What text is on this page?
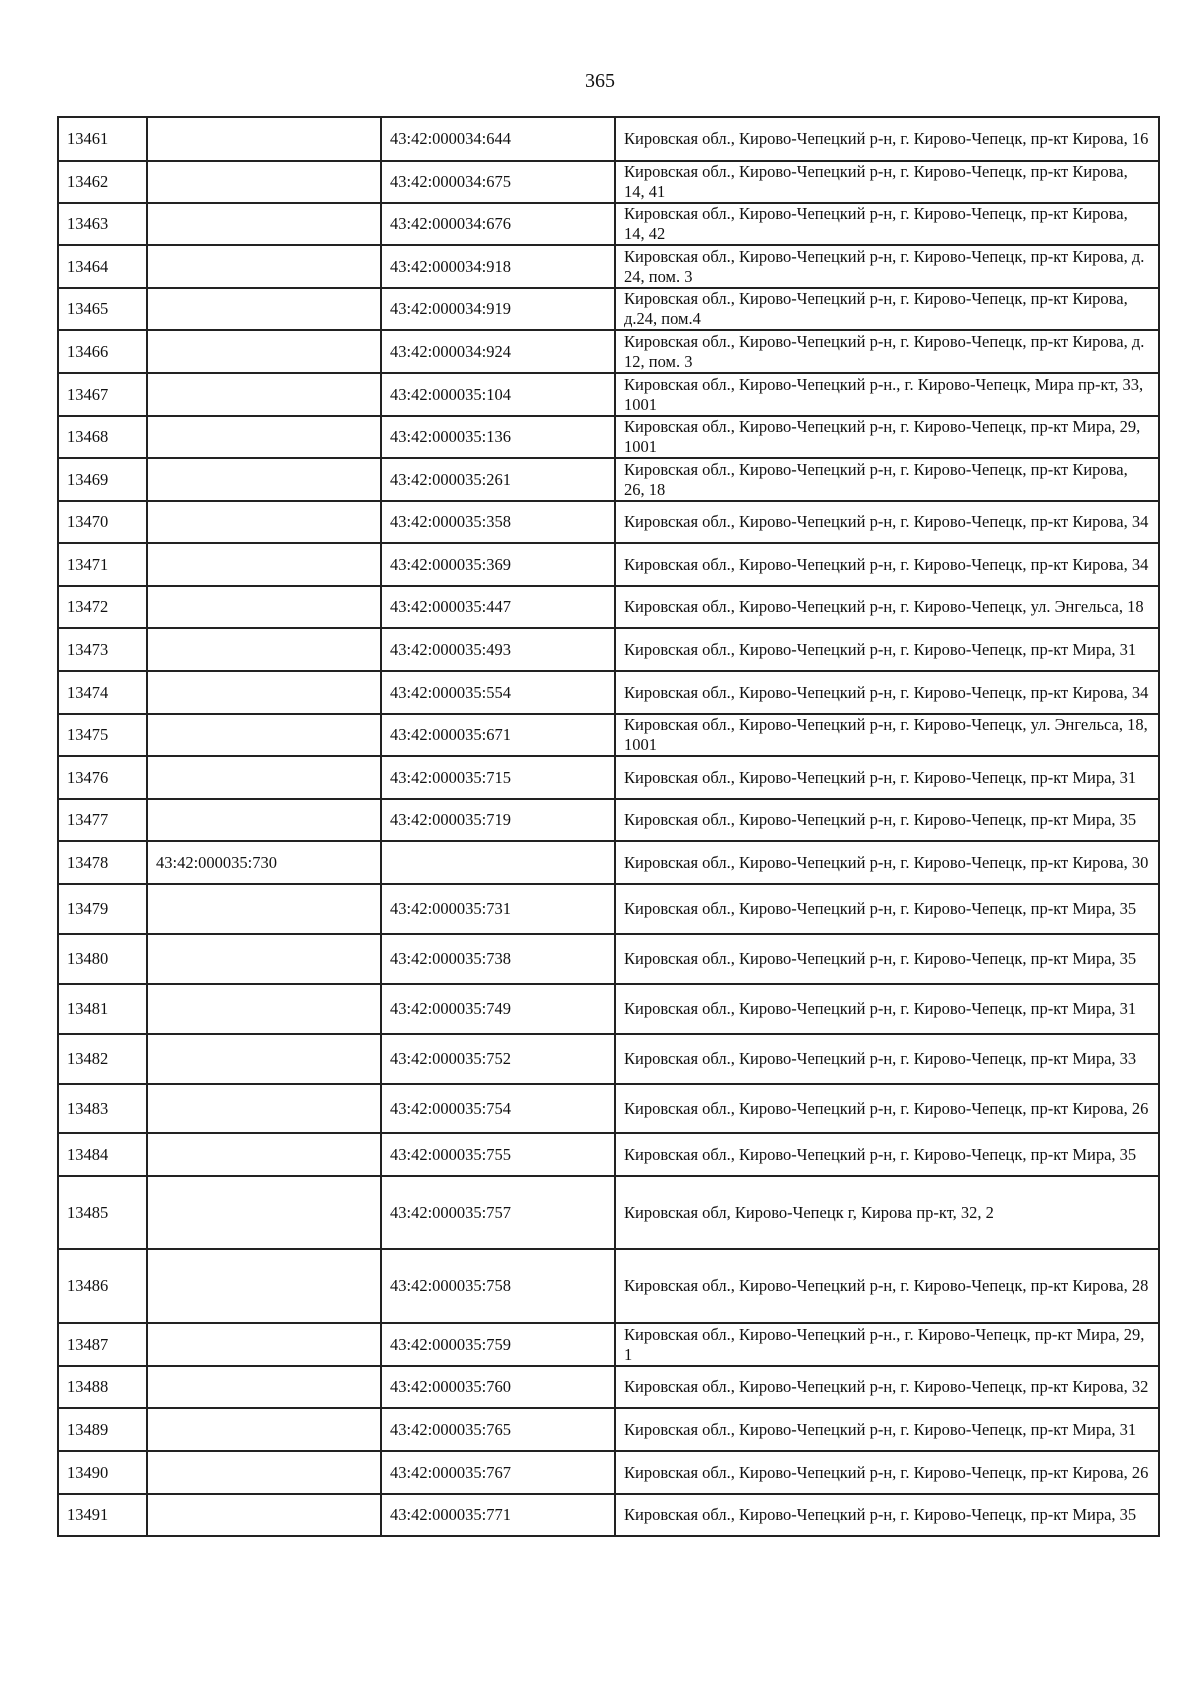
365
13461		43:42:000034:644	Кировская обл., Кирово-Чепецкий р-н, г. Кирово-Чепецк, пр-кт Кирова, 16
13462		43:42:000034:675	Кировская обл., Кирово-Чепецкий р-н, г. Кирово-Чепецк, пр-кт Кирова, 14, 41
13463		43:42:000034:676	Кировская обл., Кирово-Чепецкий р-н, г. Кирово-Чепецк, пр-кт Кирова, 14, 42
13464		43:42:000034:918	Кировская обл., Кирово-Чепецкий р-н, г. Кирово-Чепецк, пр-кт Кирова, д. 24, пом. 3
13465		43:42:000034:919	Кировская обл., Кирово-Чепецкий р-н, г. Кирово-Чепецк, пр-кт Кирова, д.24, пом.4
13466		43:42:000034:924	Кировская обл., Кирово-Чепецкий р-н, г. Кирово-Чепецк, пр-кт Кирова, д. 12, пом. 3
13467		43:42:000035:104	Кировская обл., Кирово-Чепецкий р-н., г. Кирово-Чепецк, Мира пр-кт, 33, 1001
13468		43:42:000035:136	Кировская обл., Кирово-Чепецкий р-н, г. Кирово-Чепецк, пр-кт Мира, 29, 1001
13469		43:42:000035:261	Кировская обл., Кирово-Чепецкий р-н, г. Кирово-Чепецк, пр-кт Кирова, 26, 18
13470		43:42:000035:358	Кировская обл., Кирово-Чепецкий р-н, г. Кирово-Чепецк, пр-кт Кирова, 34
13471		43:42:000035:369	Кировская обл., Кирово-Чепецкий р-н, г. Кирово-Чепецк, пр-кт Кирова, 34
13472		43:42:000035:447	Кировская обл., Кирово-Чепецкий р-н, г. Кирово-Чепецк, ул. Энгельса, 18
13473		43:42:000035:493	Кировская обл., Кирово-Чепецкий р-н, г. Кирово-Чепецк, пр-кт Мира, 31
13474		43:42:000035:554	Кировская обл., Кирово-Чепецкий р-н, г. Кирово-Чепецк, пр-кт Кирова, 34
13475		43:42:000035:671	Кировская обл., Кирово-Чепецкий р-н, г. Кирово-Чепецк, ул. Энгельса, 18, 1001
13476		43:42:000035:715	Кировская обл., Кирово-Чепецкий р-н, г. Кирово-Чепецк, пр-кт Мира, 31
13477		43:42:000035:719	Кировская обл., Кирово-Чепецкий р-н, г. Кирово-Чепецк, пр-кт Мира, 35
13478	43:42:000035:730		Кировская обл., Кирово-Чепецкий р-н, г. Кирово-Чепецк, пр-кт Кирова, 30
13479		43:42:000035:731	Кировская обл., Кирово-Чепецкий р-н, г. Кирово-Чепецк, пр-кт Мира, 35
13480		43:42:000035:738	Кировская обл., Кирово-Чепецкий р-н, г. Кирово-Чепецк, пр-кт Мира, 35
13481		43:42:000035:749	Кировская обл., Кирово-Чепецкий р-н, г. Кирово-Чепецк, пр-кт Мира, 31
13482		43:42:000035:752	Кировская обл., Кирово-Чепецкий р-н, г. Кирово-Чепецк, пр-кт Мира, 33
13483		43:42:000035:754	Кировская обл., Кирово-Чепецкий р-н, г. Кирово-Чепецк, пр-кт Кирова, 26
13484		43:42:000035:755	Кировская обл., Кирово-Чепецкий р-н, г. Кирово-Чепецк, пр-кт Мира, 35
13485		43:42:000035:757	Кировская обл, Кирово-Чепецк г, Кирова пр-кт, 32, 2
13486		43:42:000035:758	Кировская обл., Кирово-Чепецкий р-н, г. Кирово-Чепецк, пр-кт Кирова, 28
13487		43:42:000035:759	Кировская обл., Кирово-Чепецкий р-н., г. Кирово-Чепецк, пр-кт Мира, 29, 1
13488		43:42:000035:760	Кировская обл., Кирово-Чепецкий р-н, г. Кирово-Чепецк, пр-кт Кирова, 32
13489		43:42:000035:765	Кировская обл., Кирово-Чепецкий р-н, г. Кирово-Чепецк, пр-кт Мира, 31
13490		43:42:000035:767	Кировская обл., Кирово-Чепецкий р-н, г. Кирово-Чепецк, пр-кт Кирова, 26
13491		43:42:000035:771	Кировская обл., Кирово-Чепецкий р-н, г. Кирово-Чепецк, пр-кт Мира, 35
